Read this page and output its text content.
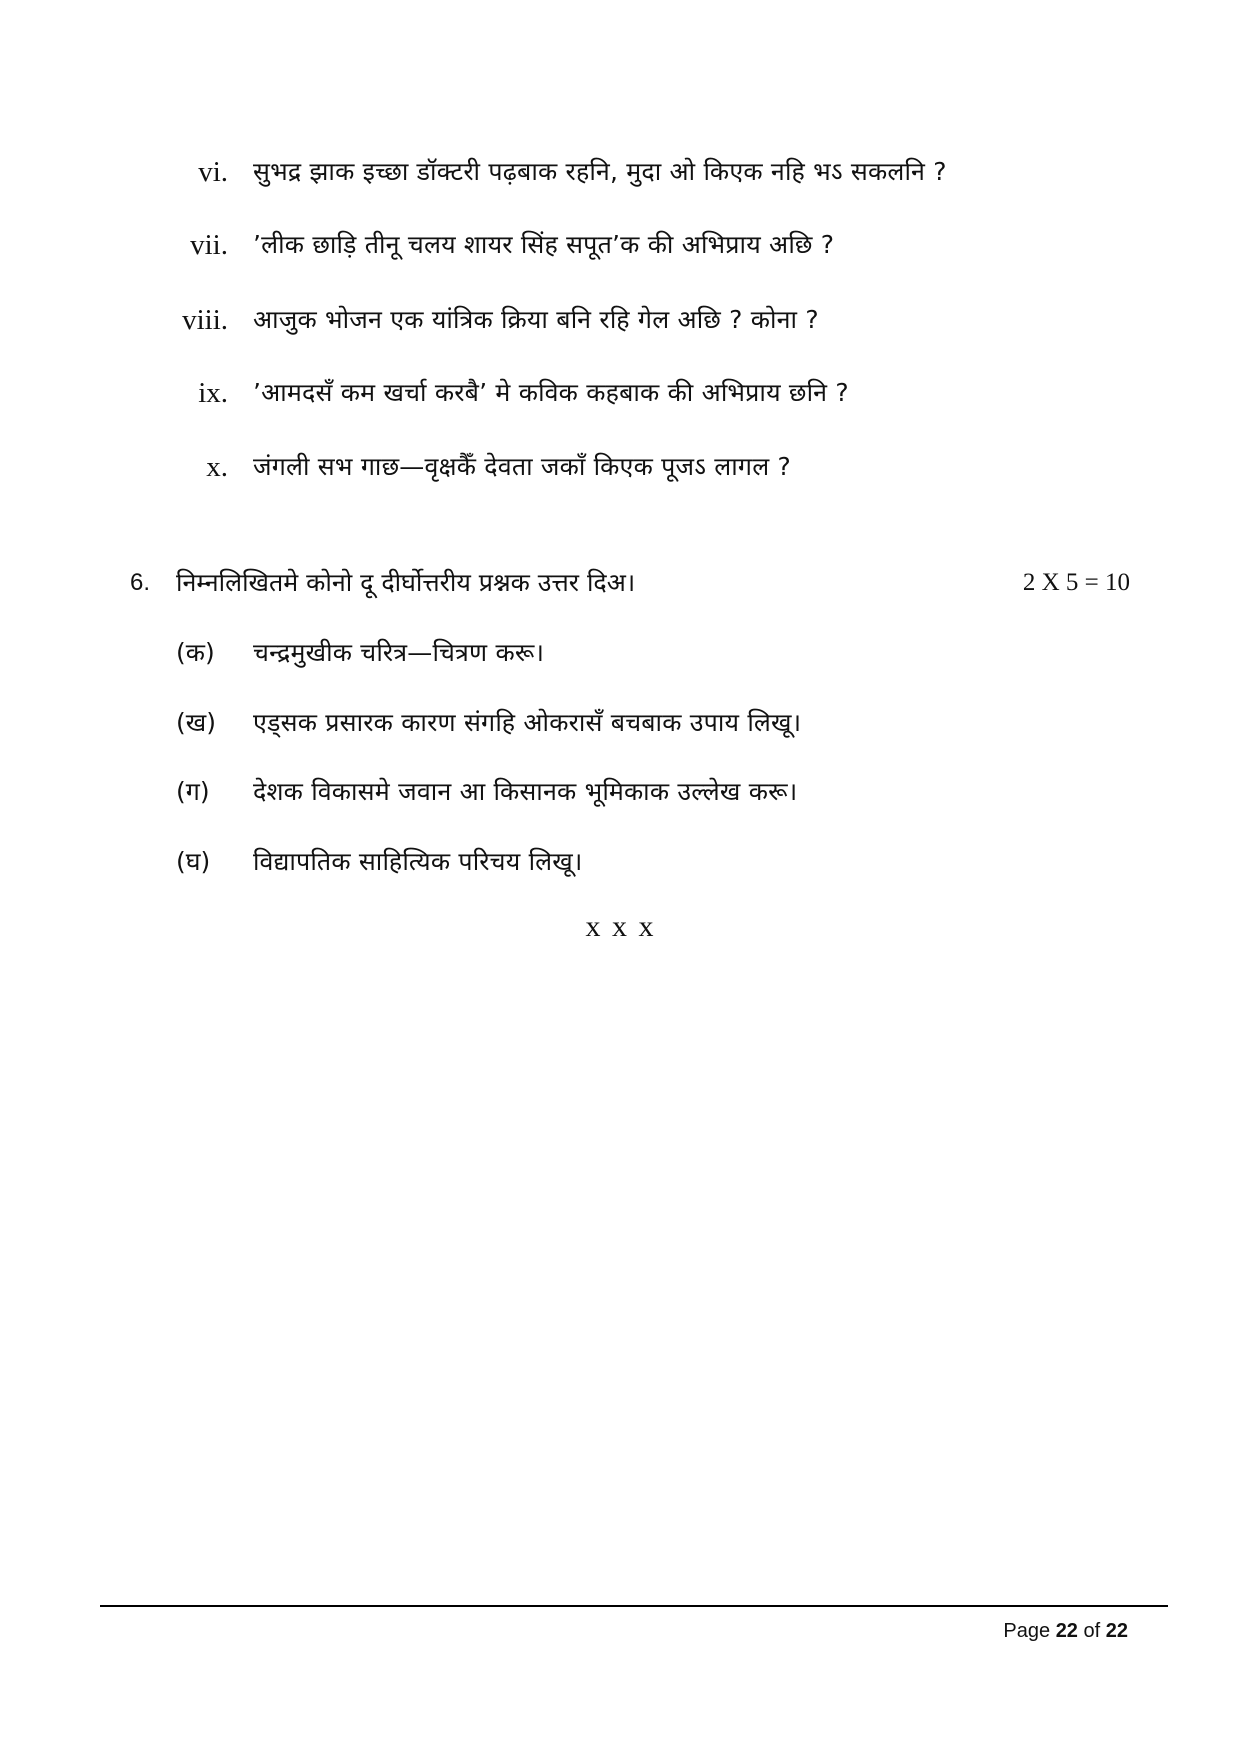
vi. सुभद्र झाक इच्छा डॉक्टरी पढ़बाक रहनि, मुदा ओ किएक नहि भऽ सकलनि ?
vii. ’लीक छाड़ि तीनू चलय शायर सिंह सपूत’क की अभिप्राय अछि ?
viii. आजुक भोजन एक यांत्रिक क्रिया बनि रहि गेल अछि ? कोना ?
ix. ’आमदसँ कम खर्चा करबै’ मे कविक कहबाक की अभिप्राय छनि ?
x. जंगली सभ गाछ—वृक्षकैँ देवता जकाँ किएक पूजऽ लागल ?
6. निम्नलिखितमे कोनो दू दीर्घोत्तरीय प्रश्नक उत्तर दिअ।	2 X 5 = 10
(क) चन्द्रमुखीक चरित्र—चित्रण करू।
(ख) एड्सक प्रसारक कारण संगहि ओकरासँ बचबाक उपाय लिखू।
(ग) देशक विकासमे जवान आ किसानक भूमिकाक उल्लेख करू।
(घ) विद्यापतिक साहित्यिक परिचय लिखू।
x x x
Page 22 of 22
